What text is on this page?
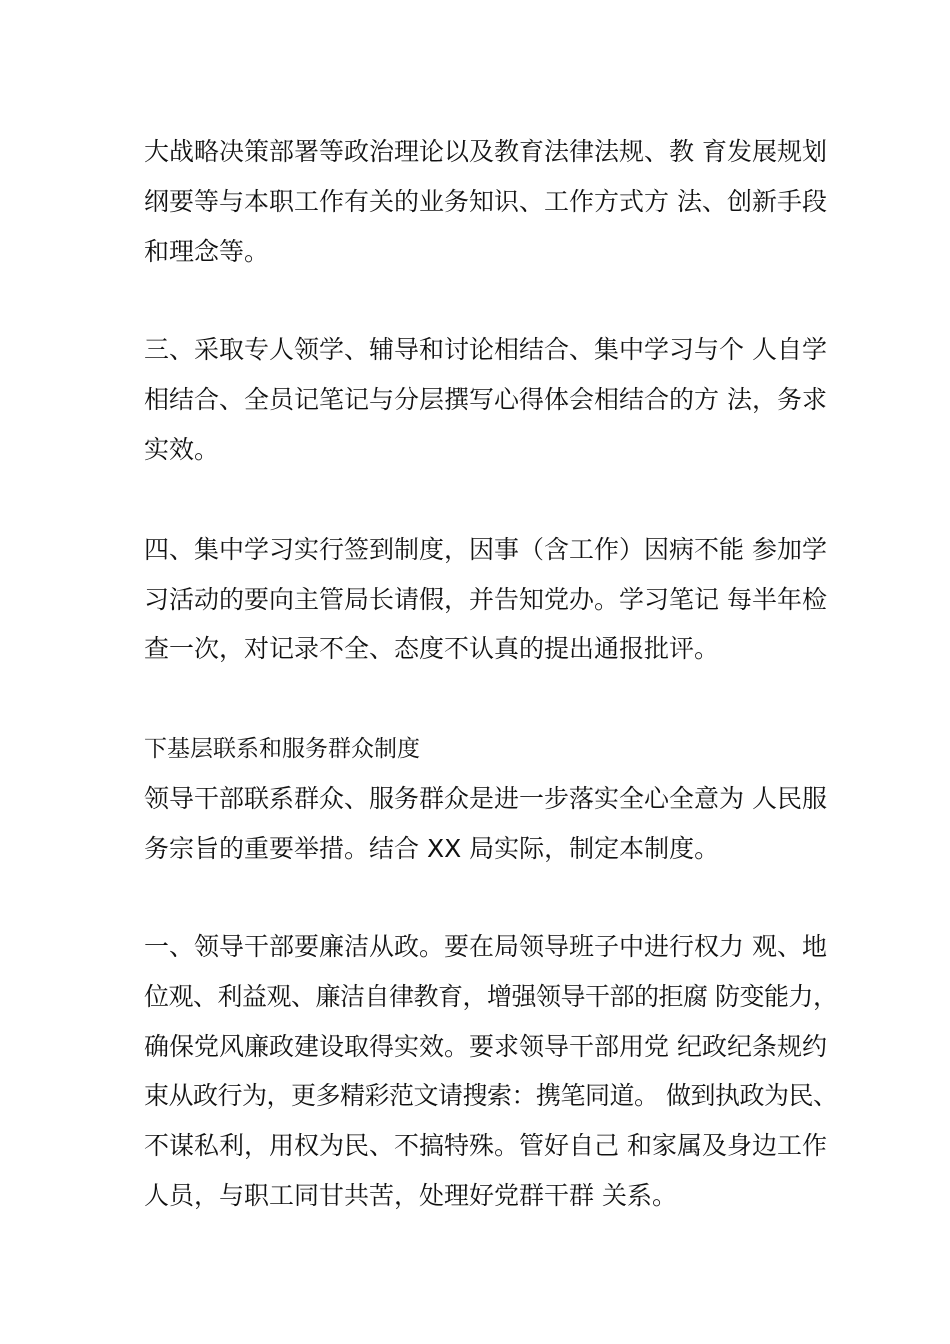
大战略决策部署等政治理论以及教育法律法规、教 育发展规划
纲要等与本职工作有关的业务知识、工作方式方 法、创新手段
和理念等。
三、采取专人领学、辅导和讨论相结合、集中学习与个 人自学
相结合、全员记笔记与分层撰写心得体会相结合的方 法，务求
实效。
四、集中学习实行签到制度，因事（含工作）因病不能 参加学
习活动的要向主管局长请假，并告知党办。学习笔记 每半年检
查一次，对记录不全、态度不认真的提出通报批评。
下基层联系和服务群众制度
领导干部联系群众、服务群众是进一步落实全心全意为 人民服
务宗旨的重要举措。结合 XX 局实际，制定本制度。
一、领导干部要廉洁从政。要在局领导班子中进行权力 观、地
位观、利益观、廉洁自律教育，增强领导干部的拒腐 防变能力，
确保党风廉政建设取得实效。要求领导干部用党 纪政纪条规约
束从政行为，更多精彩范文请搜索：携笔同道。 做到执政为民、
不谋私利，用权为民、不搞特殊。管好自己 和家属及身边工作
人员，与职工同甘共苦，处理好党群干群 关系。
